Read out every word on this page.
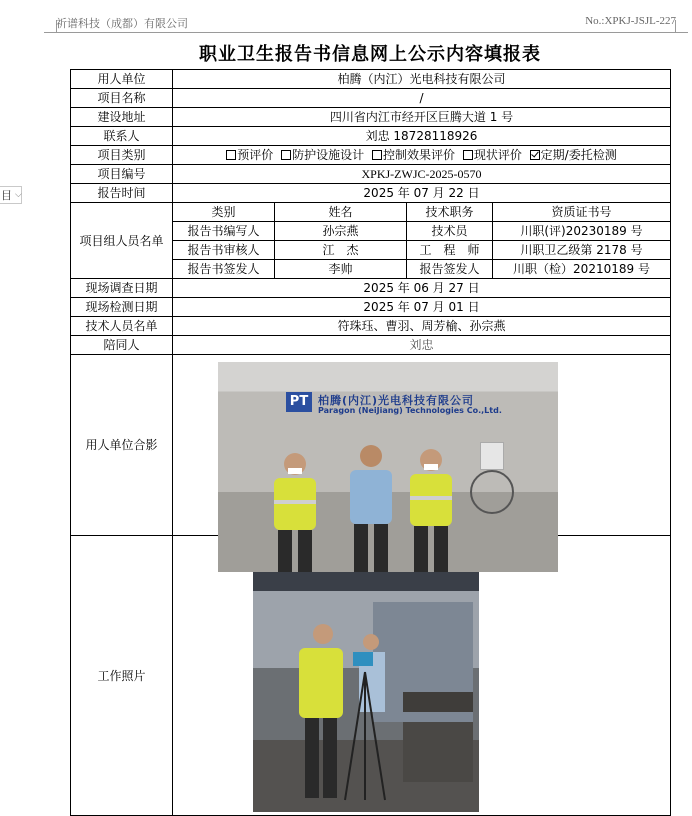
目 ⌵
祈谱科技（成都）有限公司	No.:XPKJ-JSJL-227
职业卫生报告书信息网上公示内容填报表
用人单位	柏腾（内江）光电科技有限公司			
项目名称	/			
建设地址	四川省内江市经开区巨腾大道 1 号			
联系人	刘忠 18728118926			
项目类别	预评价 防护设施设计 控制效果评价 现状评价 定期/委托检测			
项目编号	XPKJ-ZWJC-2025-0570			
报告时间	2025 年 07 月 22 日			
项目组人员名单	类别	姓名	技术职务	资质证书号
	报告书编写人	孙宗燕	技术员	川职(评)20230189 号
	报告书审核人	江　杰	工　程　师	川职卫乙级第 2178 号
	报告书签发人	李帅	报告签发人	川职（检）20210189 号
现场调查日期	2025 年 06 月 27 日			
现场检测日期	2025 年 07 月 01 日			
技术人员名单	符珠珏、曹羽、周芳榆、孙宗燕			
陪同人	刘忠			
用人单位合影				
工作照片				
PT 柏腾(内江)光电科技有限公司
Paragon (NeiJiang) Technologies Co.,Ltd.
